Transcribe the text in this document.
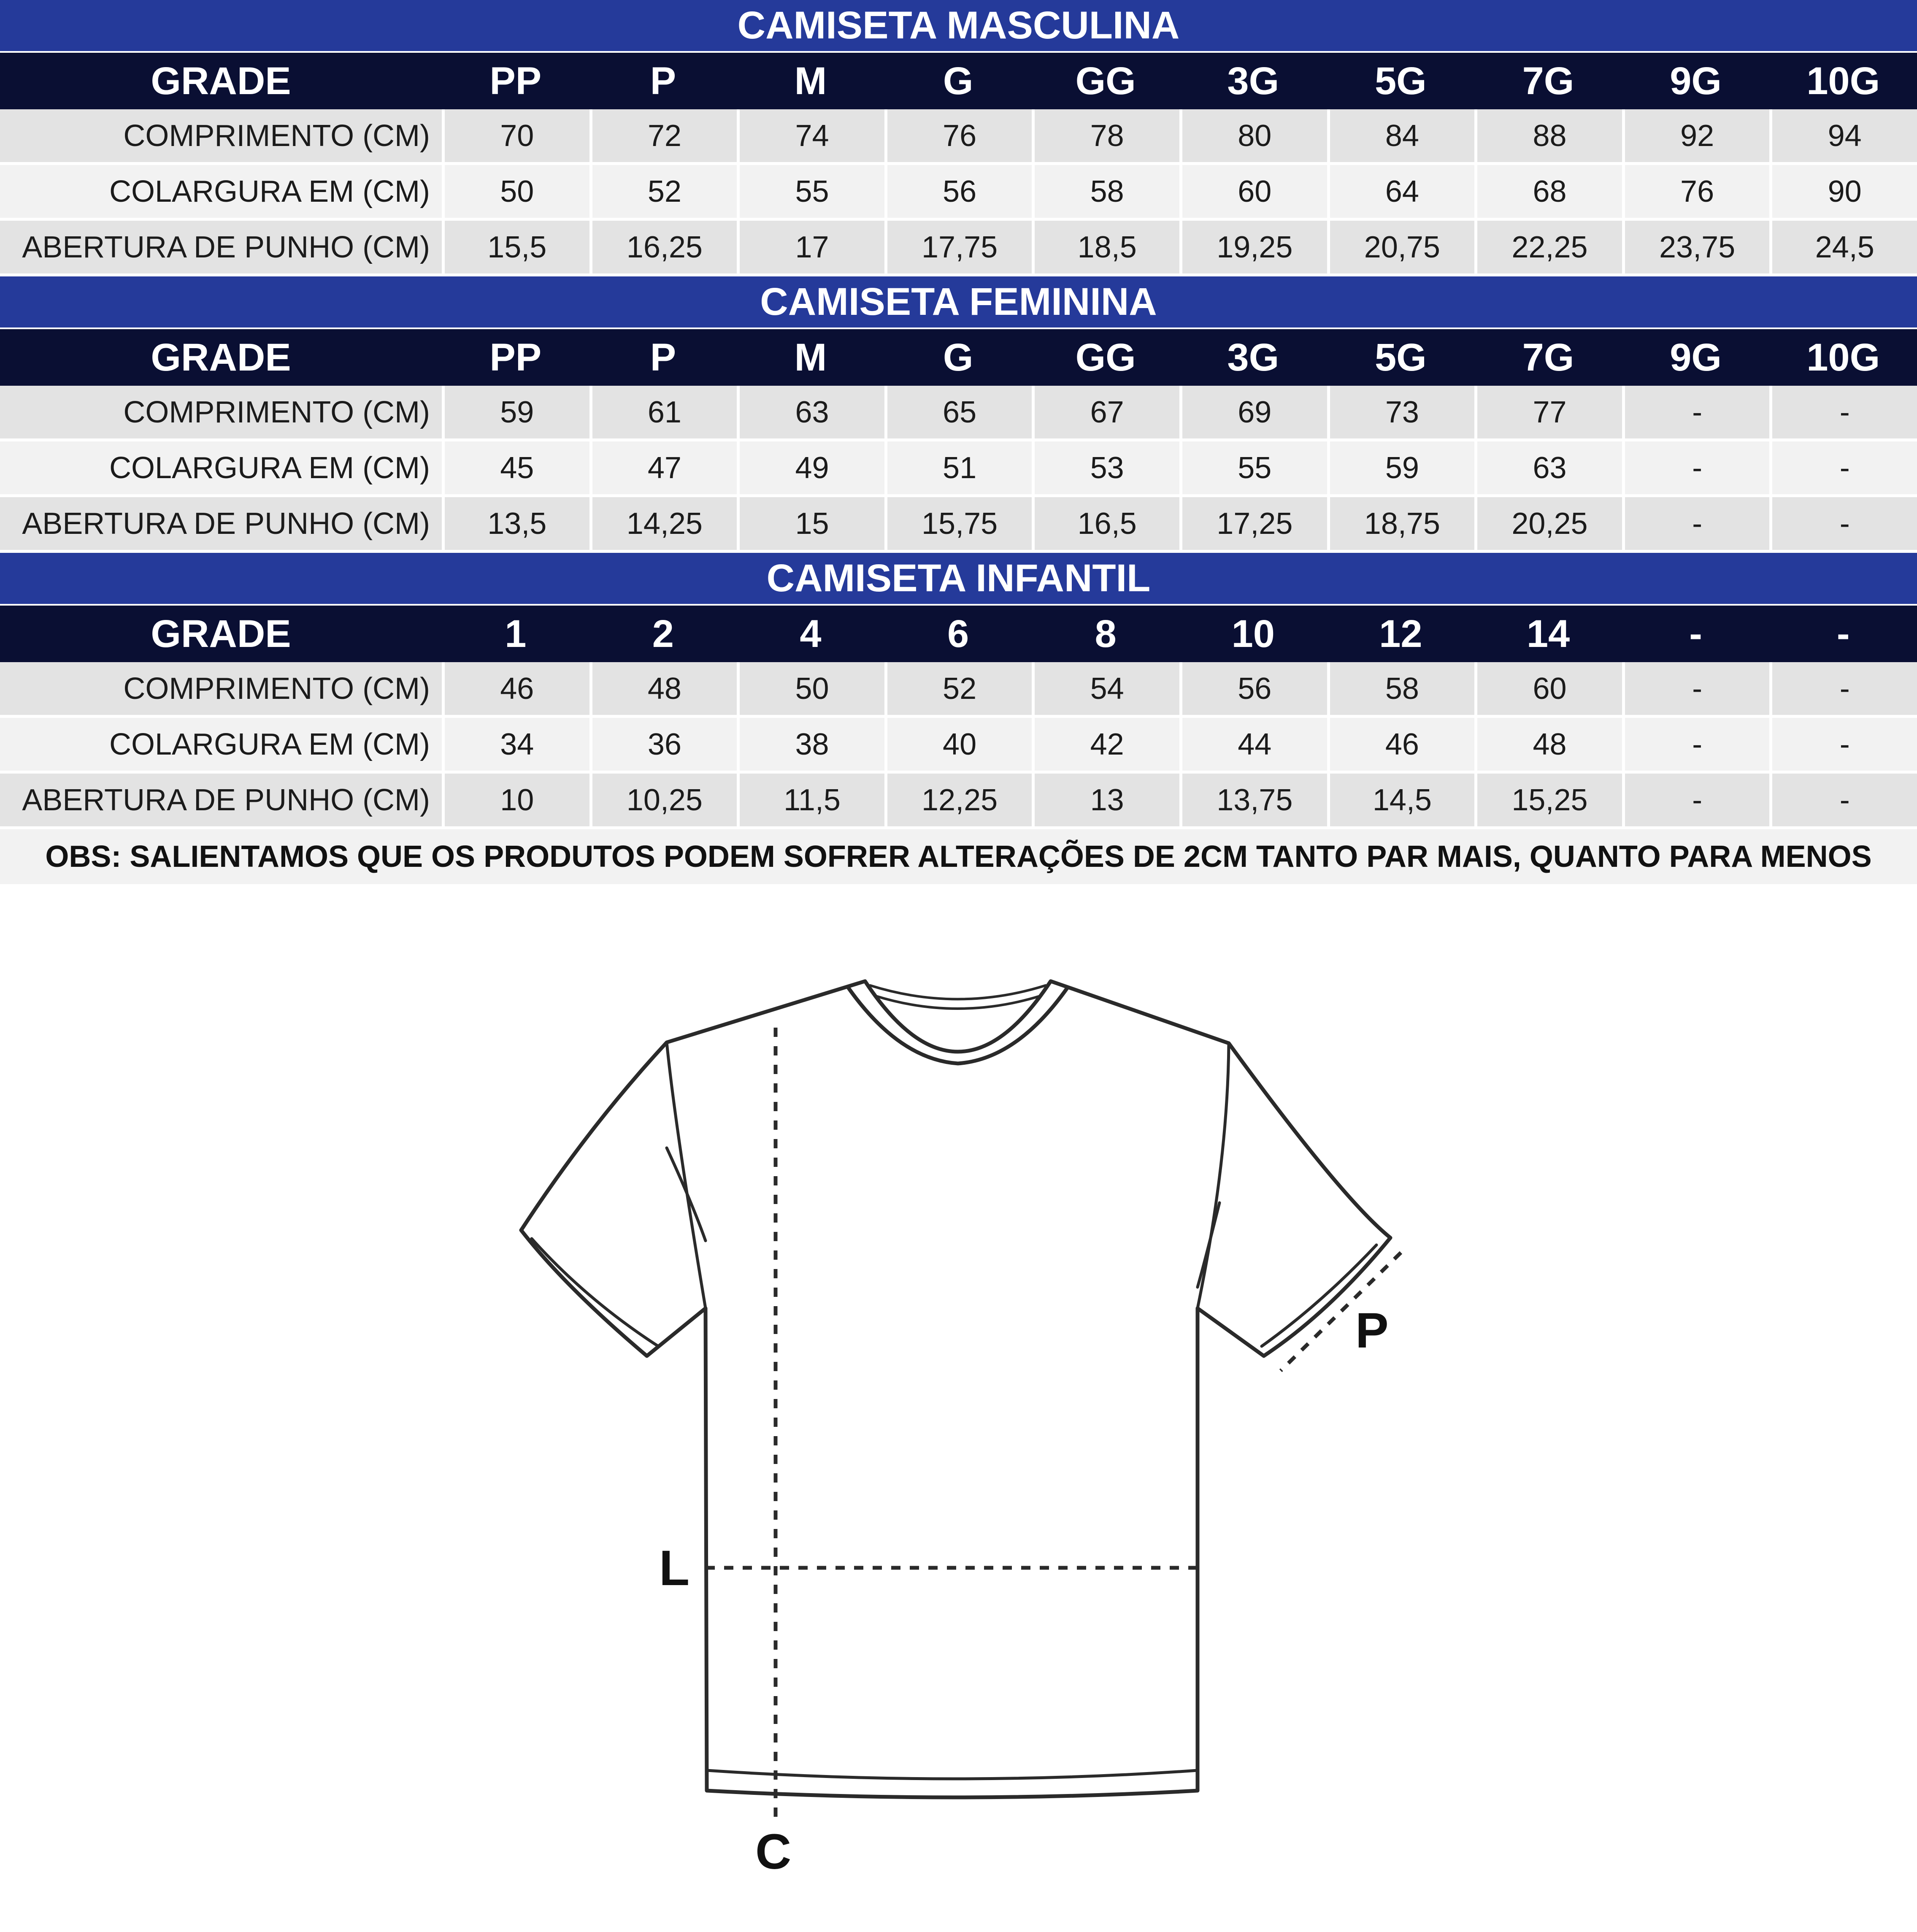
CAMISETA MASCULINA
GRADE	PP	P	M	G	GG	3G	5G	7G	9G	10G
COMPRIMENTO (CM)	70	72	74	76	78	80	84	88	92	94
COLARGURA EM (CM)	50	52	55	56	58	60	64	68	76	90
ABERTURA DE PUNHO (CM)	15,5	16,25	17	17,75	18,5	19,25	20,75	22,25	23,75	24,5
CAMISETA FEMININA
GRADE	PP	P	M	G	GG	3G	5G	7G	9G	10G
COMPRIMENTO (CM)	59	61	63	65	67	69	73	77	-	-
COLARGURA EM (CM)	45	47	49	51	53	55	59	63	-	-
ABERTURA DE PUNHO (CM)	13,5	14,25	15	15,75	16,5	17,25	18,75	20,25	-	-
CAMISETA INFANTIL
GRADE	1	2	4	6	8	10	12	14	-	-
COMPRIMENTO (CM)	46	48	50	52	54	56	58	60	-	-
COLARGURA EM (CM)	34	36	38	40	42	44	46	48	-	-
ABERTURA DE PUNHO (CM)	10	10,25	11,5	12,25	13	13,75	14,5	15,25	-	-
OBS: SALIENTAMOS QUE OS PRODUTOS PODEM SOFRER ALTERAÇÕES DE 2CM TANTO PAR MAIS, QUANTO PARA MENOS
C
L
P
